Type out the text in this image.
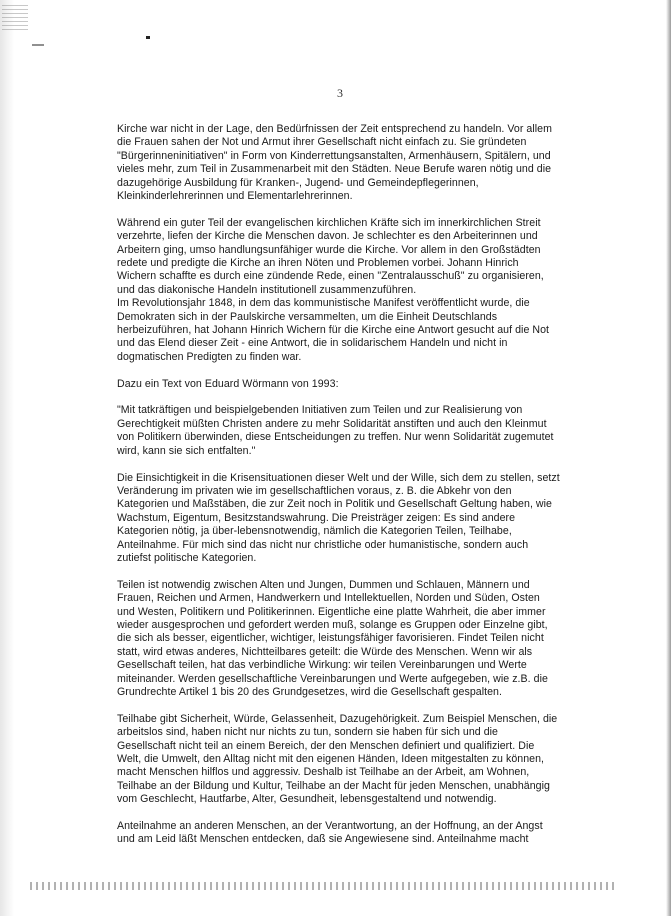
3
Kirche war nicht in der Lage, den Bedürfnissen der Zeit entsprechend zu handeln. Vor allem
die Frauen sahen der Not und Armut ihrer Gesellschaft nicht einfach zu. Sie gründeten
"Bürgerinneninitiativen" in Form von Kinderrettungsanstalten, Armenhäusern, Spitälern, und
vieles mehr, zum Teil in Zusammenarbeit mit den Städten. Neue Berufe waren nötig und die
dazugehörige Ausbildung für Kranken-, Jugend- und Gemeindepflegerinnen,
Kleinkinderlehrerinnen und Elementarlehrerinnen.
Während ein guter Teil der evangelischen kirchlichen Kräfte sich im innerkirchlichen Streit
verzehrte, liefen der Kirche die Menschen davon. Je schlechter es den Arbeiterinnen und
Arbeitern ging, umso handlungsunfähiger wurde die Kirche. Vor allem in den Großstädten
redete und predigte die Kirche an ihren Nöten und Problemen vorbei. Johann Hinrich
Wichern schaffte es durch eine zündende Rede, einen "Zentralausschuß" zu organisieren,
und das diakonische Handeln institutionell zusammenzuführen.
Im Revolutionsjahr 1848, in dem das kommunistische Manifest veröffentlicht wurde, die
Demokraten sich in der Paulskirche versammelten, um die Einheit Deutschlands
herbeizuführen, hat Johann Hinrich Wichern für die Kirche eine Antwort gesucht auf die Not
und das Elend dieser Zeit - eine Antwort, die in solidarischem Handeln und nicht in
dogmatischen Predigten zu finden war.
Dazu ein Text von Eduard Wörmann von 1993:
"Mit tatkräftigen und beispielgebenden Initiativen zum Teilen und zur Realisierung von
Gerechtigkeit müßten Christen andere zu mehr Solidarität anstiften und auch den Kleinmut
von Politikern überwinden, diese Entscheidungen zu treffen. Nur wenn Solidarität zugemutet
wird, kann sie sich entfalten."
Die Einsichtigkeit in die Krisensituationen dieser Welt und der Wille, sich dem zu stellen, setzt
Veränderung im privaten wie im gesellschaftlichen voraus, z. B. die Abkehr von den
Kategorien und Maßstäben, die zur Zeit noch in Politik und Gesellschaft Geltung haben, wie
Wachstum, Eigentum, Besitzstandswahrung. Die Preisträger zeigen: Es sind andere
Kategorien nötig, ja über-lebensnotwendig, nämlich die Kategorien Teilen, Teilhabe,
Anteilnahme. Für mich sind das nicht nur christliche oder humanistische, sondern auch
zutiefst politische Kategorien.
Teilen ist notwendig zwischen Alten und Jungen, Dummen und Schlauen, Männern und
Frauen, Reichen und Armen, Handwerkern und Intellektuellen, Norden und Süden, Osten
und Westen, Politikern und Politikerinnen. Eigentliche eine platte Wahrheit, die aber immer
wieder ausgesprochen und gefordert werden muß, solange es Gruppen oder Einzelne gibt,
die sich als besser, eigentlicher, wichtiger, leistungsfähiger favorisieren. Findet Teilen nicht
statt, wird etwas anderes, Nichtteilbares geteilt: die Würde des Menschen. Wenn wir als
Gesellschaft teilen, hat das verbindliche Wirkung: wir teilen Vereinbarungen und Werte
miteinander. Werden gesellschaftliche Vereinbarungen und Werte aufgegeben, wie z.B. die
Grundrechte Artikel 1 bis 20 des Grundgesetzes, wird die Gesellschaft gespalten.
Teilhabe gibt Sicherheit, Würde, Gelassenheit, Dazugehörigkeit. Zum Beispiel Menschen, die
arbeitslos sind, haben nicht nur nichts zu tun, sondern sie haben für sich und die
Gesellschaft nicht teil an einem Bereich, der den Menschen definiert und qualifiziert. Die
Welt, die Umwelt, den Alltag nicht mit den eigenen Händen, Ideen mitgestalten zu können,
macht Menschen hilflos und aggressiv. Deshalb ist Teilhabe an der Arbeit, am Wohnen,
Teilhabe an der Bildung und Kultur, Teilhabe an der Macht für jeden Menschen, unabhängig
vom Geschlecht, Hautfarbe, Alter, Gesundheit, lebensgestaltend und notwendig.
Anteilnahme an anderen Menschen, an der Verantwortung, an der Hoffnung, an der Angst
und am Leid läßt Menschen entdecken, daß sie Angewiesene sind. Anteilnahme macht
